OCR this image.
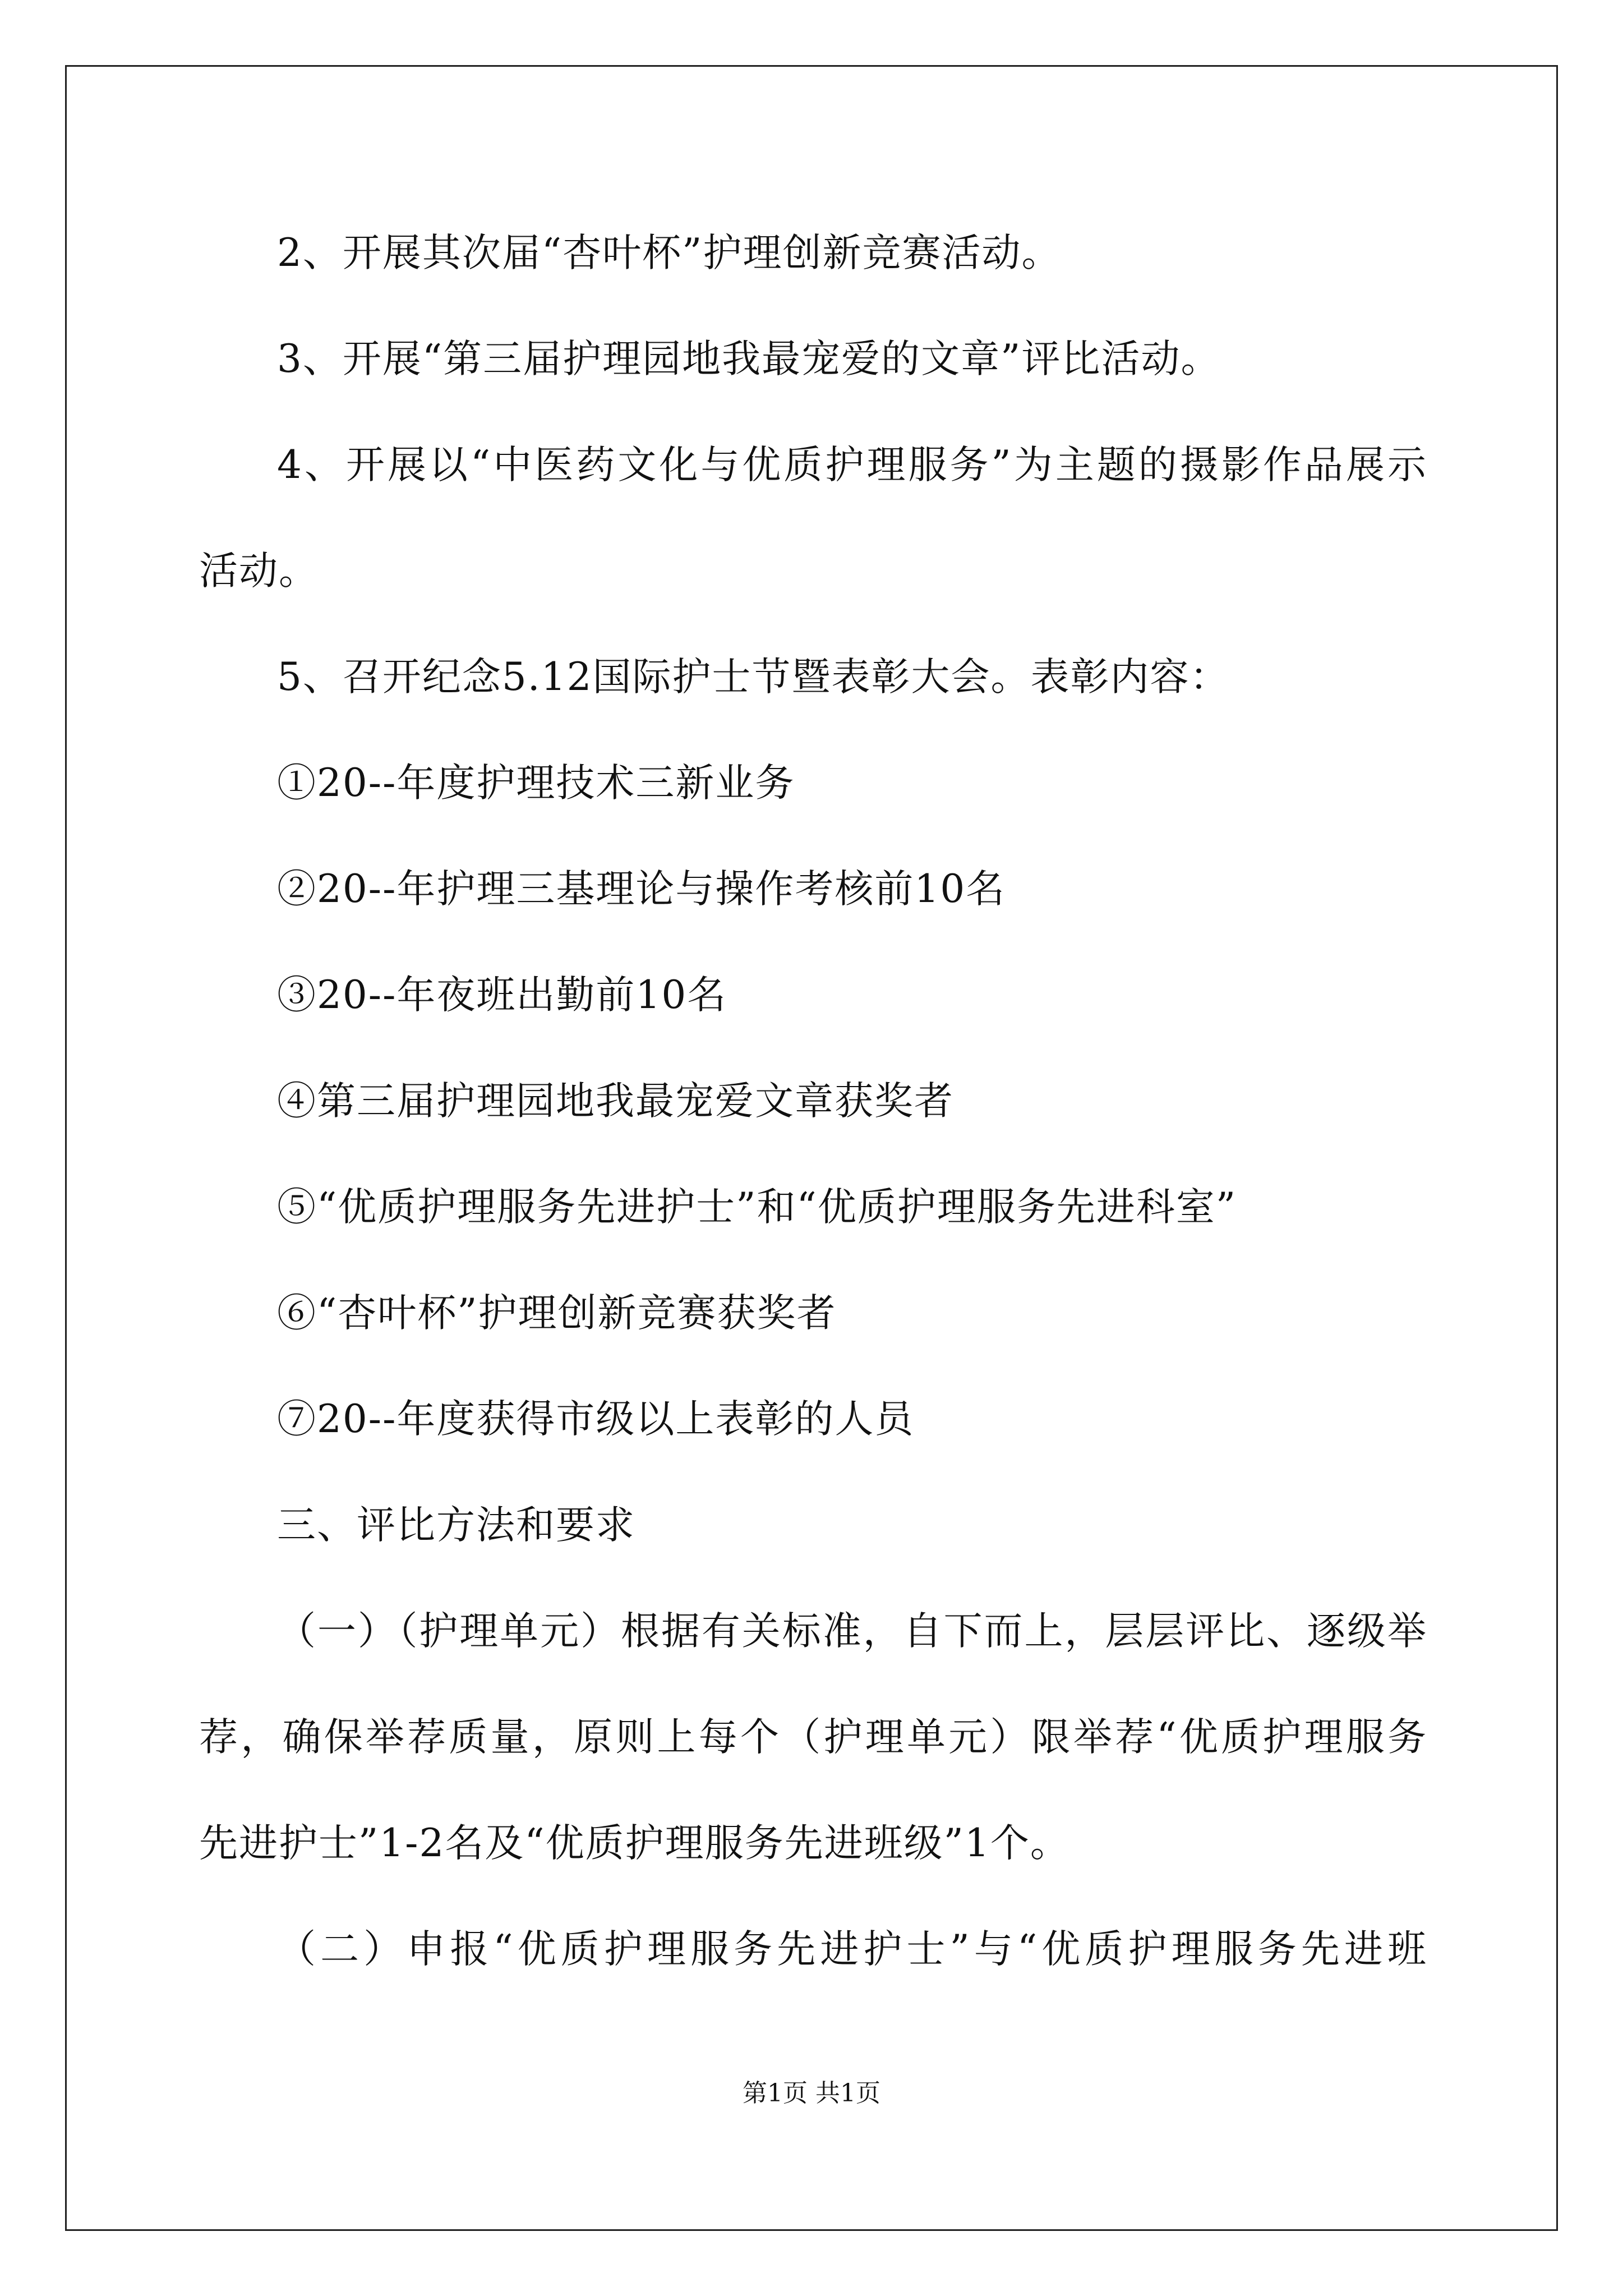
2、开展其次届“杏叶杯”护理创新竞赛活动。
3、开展“第三届护理园地我最宠爱的文章”评比活动。
4、开展以“中医药文化与优质护理服务”为主题的摄影作品展示
活动。
5、召开纪念5.12国际护士节暨表彰大会。表彰内容：
①20--年度护理技术三新业务
②20--年护理三基理论与操作考核前10名
③20--年夜班出勤前10名
④第三届护理园地我最宠爱文章获奖者
⑤“优质护理服务先进护士”和“优质护理服务先进科室”
⑥“杏叶杯”护理创新竞赛获奖者
⑦20--年度获得市级以上表彰的人员
三、评比方法和要求
（一）（护理单元）根据有关标准，自下而上，层层评比、逐级举
荐，确保举荐质量，原则上每个（护理单元）限举荐“优质护理服务
先进护士”1-2名及“优质护理服务先进班级”1个。
（二）申报“优质护理服务先进护士”与“优质护理服务先进班
第1页 共1页
